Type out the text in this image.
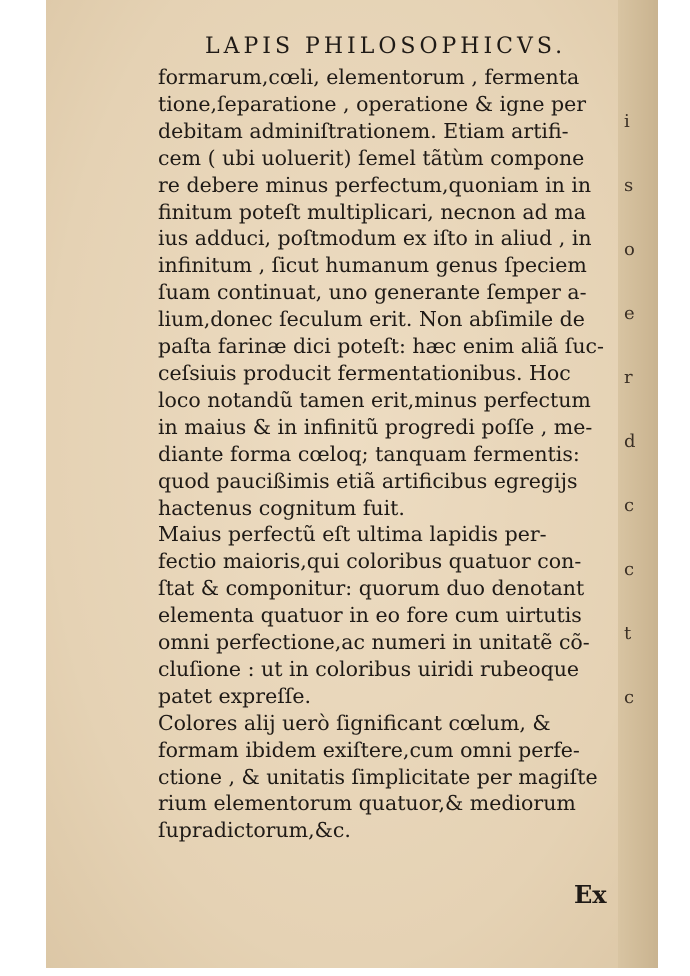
i
s
o
e
r
d
c
c
t
c
LAPIS PHILOSOPHICVS.
formarum,cœli, elementorum , fermenta
tione,ſeparatione , operatione & igne per
debitam adminiſtrationem. Etiam artifi-
cem ( ubi uoluerit) ſemel tãtùm compone
re debere minus perfectum,quoniam in in
finitum poteſt multiplicari, necnon ad ma
ius adduci, poſtmodum ex iſto in aliud , in
infinitum , ſicut humanum genus ſpeciem
ſuam continuat, uno generante ſemper a-
lium,donec ſeculum erit. Non abſimile de
paſta farinæ dici poteſt: hæc enim aliã ſuc-
ceſsiuis producit fermentationibus. Hoc
loco notandũ tamen erit,minus perfectum
in maius & in infinitũ progredi poſſe , me-
diante forma cœloq; tanquam fermentis:
quod paucißimis etiã artificibus egregijs
hactenus cognitum fuit.
Maius perfectũ eſt ultima lapidis per-
fectio maioris,qui coloribus quatuor con-
ſtat & componitur: quorum duo denotant
elementa quatuor in eo fore cum uirtutis
omni perfectione,ac numeri in unitatẽ cõ-
cluſione : ut in coloribus uiridi rubeoque
patet expreſſe.
Colores alij uerò ſignificant cœlum, &
formam ibidem exiſtere,cum omni perfe-
ctione , & unitatis ſimplicitate per magiſte
rium elementorum quatuor,& mediorum
ſupradictorum,&c.
Ex
